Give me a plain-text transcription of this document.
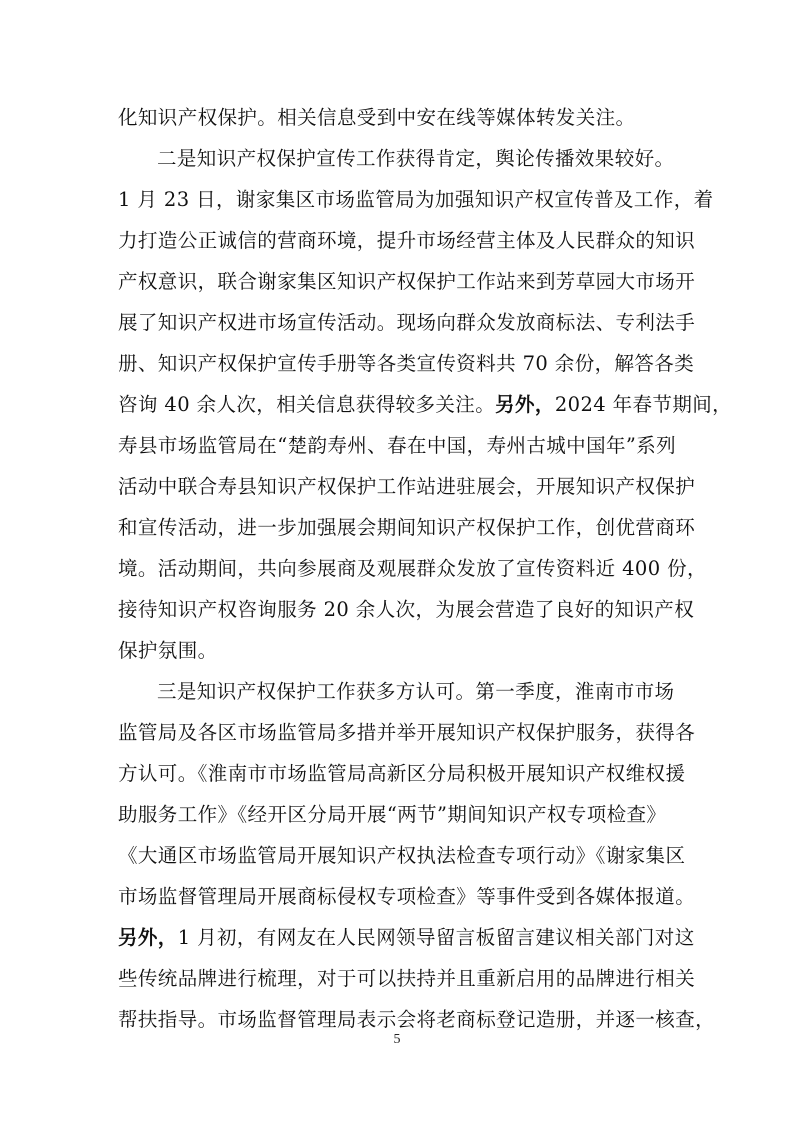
化知识产权保护。相关信息受到中安在线等媒体转发关注。
二是知识产权保护宣传工作获得肯定，舆论传播效果较好。
1 月 23 日，谢家集区市场监管局为加强知识产权宣传普及工作，着
力打造公正诚信的营商环境，提升市场经营主体及人民群众的知识
产权意识，联合谢家集区知识产权保护工作站来到芳草园大市场开
展了知识产权进市场宣传活动。现场向群众发放商标法、专利法手
册、知识产权保护宣传手册等各类宣传资料共 70 余份，解答各类
咨询 40 余人次，相关信息获得较多关注。另外，2024 年春节期间，
寿县市场监管局在“楚韵寿州、春在中国，寿州古城中国年”系列
活动中联合寿县知识产权保护工作站进驻展会，开展知识产权保护
和宣传活动，进一步加强展会期间知识产权保护工作，创优营商环
境。活动期间，共向参展商及观展群众发放了宣传资料近 400 份，
接待知识产权咨询服务 20 余人次，为展会营造了良好的知识产权
保护氛围。
三是知识产权保护工作获多方认可。第一季度，淮南市市场
监管局及各区市场监管局多措并举开展知识产权保护服务，获得各
方认可。《淮南市市场监管局高新区分局积极开展知识产权维权援
助服务工作》《经开区分局开展“两节”期间知识产权专项检查》
《大通区市场监管局开展知识产权执法检查专项行动》《谢家集区
市场监督管理局开展商标侵权专项检查》等事件受到各媒体报道。
另外，1 月初，有网友在人民网领导留言板留言建议相关部门对这
些传统品牌进行梳理，对于可以扶持并且重新启用的品牌进行相关
帮扶指导。市场监督管理局表示会将老商标登记造册，并逐一核查，
5
